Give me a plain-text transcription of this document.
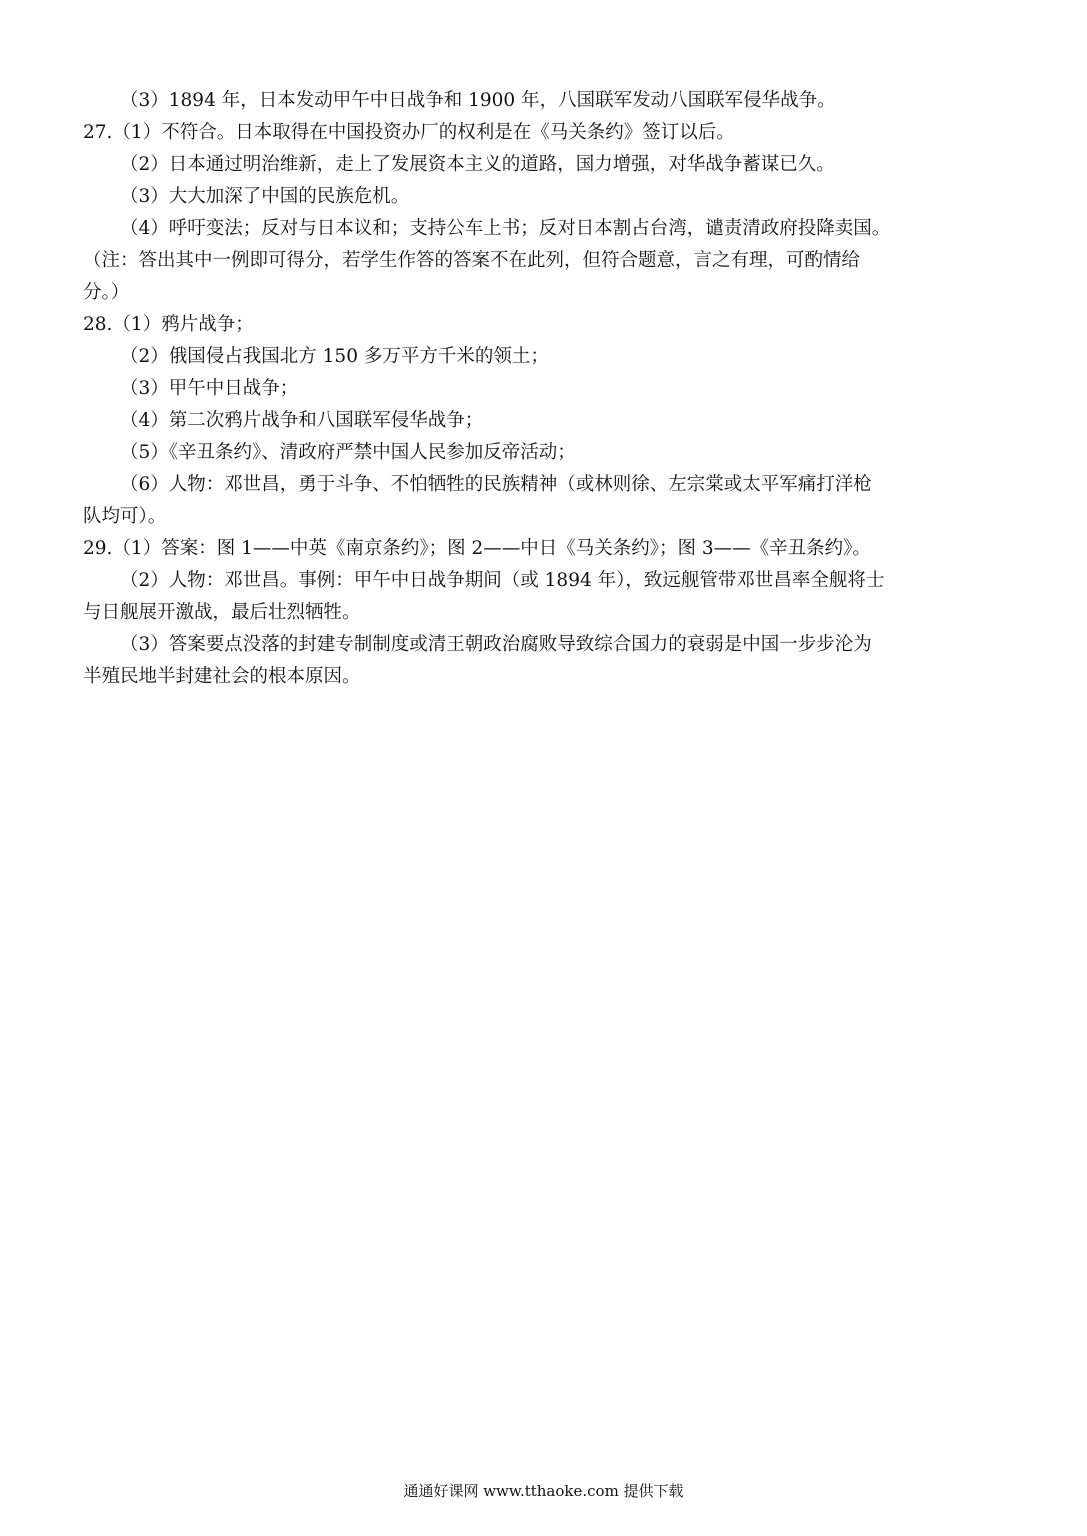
（3）1894 年，日本发动甲午中日战争和 1900 年，八国联军发动八国联军侵华战争。
27.（1）不符合。日本取得在中国投资办厂的权利是在《马关条约》签订以后。
（2）日本通过明治维新，走上了发展资本主义的道路，国力增强，对华战争蓄谋已久。
（3）大大加深了中国的民族危机。
（4）呼吁变法；反对与日本议和；支持公车上书；反对日本割占台湾，谴责清政府投降卖国。
（注：答出其中一例即可得分，若学生作答的答案不在此列，但符合题意，言之有理，可酌情给
分。）
28.（1）鸦片战争；
（2）俄国侵占我国北方 150 多万平方千米的领土；
（3）甲午中日战争；
（4）第二次鸦片战争和八国联军侵华战争；
（5）《辛丑条约》、清政府严禁中国人民参加反帝活动；
（6）人物：邓世昌，勇于斗争、不怕牺牲的民族精神（或林则徐、左宗棠或太平军痛打洋枪
队均可）。
29.（1）答案：图 1——中英《南京条约》；图 2——中日《马关条约》；图 3——《辛丑条约》。
（2）人物：邓世昌。事例：甲午中日战争期间（或 1894 年），致远舰管带邓世昌率全舰将士
与日舰展开激战，最后壮烈牺牲。
（3）答案要点没落的封建专制制度或清王朝政治腐败导致综合国力的衰弱是中国一步步沦为
半殖民地半封建社会的根本原因。
通通好课网 www.tthaoke.com 提供下载
